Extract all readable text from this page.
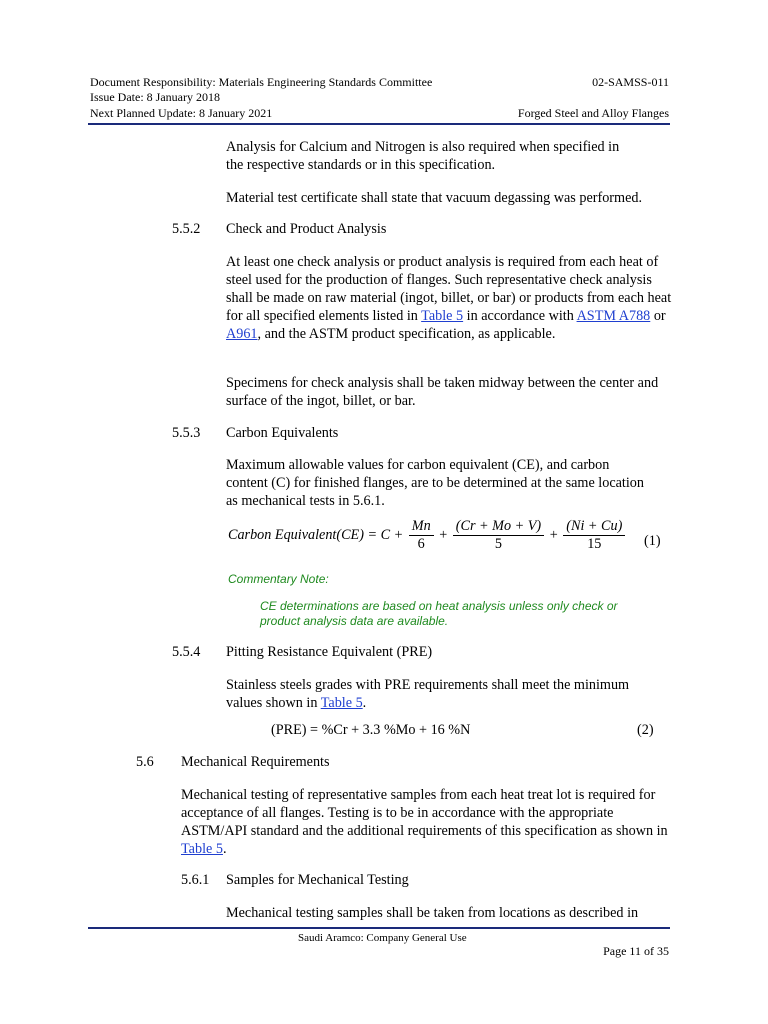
Document Responsibility: Materials Engineering Standards Committee
Issue Date: 8 January 2018
Next Planned Update: 8 January 2021
02-SAMSS-011
Forged Steel and Alloy Flanges
Analysis for Calcium and Nitrogen is also required when specified in the respective standards or in this specification.
Material test certificate shall state that vacuum degassing was performed.
5.5.2 Check and Product Analysis
At least one check analysis or product analysis is required from each heat of steel used for the production of flanges. Such representative check analysis shall be made on raw material (ingot, billet, or bar) or products from each heat for all specified elements listed in Table 5 in accordance with ASTM A788 or A961, and the ASTM product specification, as applicable.
Specimens for check analysis shall be taken midway between the center and surface of the ingot, billet, or bar.
5.5.3 Carbon Equivalents
Maximum allowable values for carbon equivalent (CE), and carbon content (C) for finished flanges, are to be determined at the same location as mechanical tests in 5.6.1.
Carbon Equivalent(CE) = $C + \frac{Mn}{6} + \frac{(Cr + Mo + V)}{5} + \frac{(Ni + Cu)}{15} (1)$
Commentary Note:
CE determinations are based on heat analysis unless only check or product analysis data are available.
5.5.4 Pitting Resistance Equivalent (PRE)
Stainless steels grades with PRE requirements shall meet the minimum values shown in Table 5.
(PRE) = %Cr + 3.3 %Mo + 16 %N	(2)
5.6 Mechanical Requirements
Mechanical testing of representative samples from each heat treat lot is required for acceptance of all flanges. Testing is to be in accordance with the appropriate ASTM/API standard and the additional requirements of this specification as shown in Table 5.
5.6.1 Samples for Mechanical Testing
Mechanical testing samples shall be taken from locations as described in
Saudi Aramco: Company General Use
Page 11 of 35
